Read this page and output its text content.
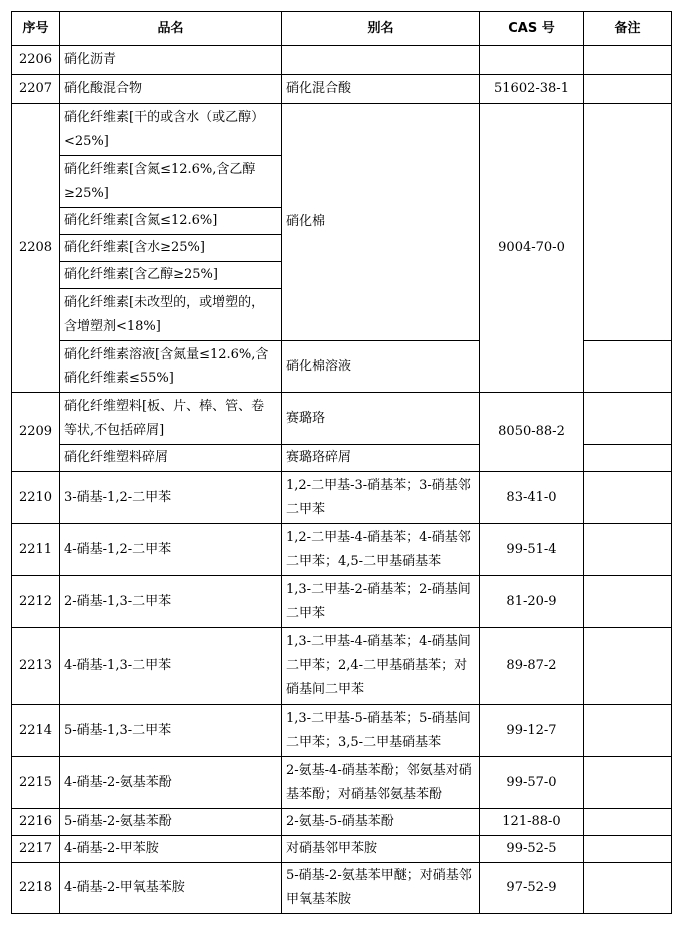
序号	品名	别名	CAS 号	备注
2206	硝化沥青			
2207	硝化酸混合物	硝化混合酸	51602-38-1	
2208	硝化纤维素[干的或含水（或乙醇）<25%]	硝化棉	9004-70-0	
	硝化纤维素[含氮≤12.6%,含乙醇≥25%]			
	硝化纤维素[含氮≤12.6%]			
	硝化纤维素[含水≥25%]			
	硝化纤维素[含乙醇≥25%]			
	硝化纤维素[未改型的，或增塑的，含增塑剂<18%]			
	硝化纤维素溶液[含氮量≤12.6%,含硝化纤维素≤55%]	硝化棉溶液		
2209	硝化纤维塑料[板、片、棒、管、卷等状,不包括碎屑]	赛璐珞	8050-88-2	
	硝化纤维塑料碎屑	赛璐珞碎屑		
2210	3-硝基-1,2-二甲苯	1,2-二甲基-3-硝基苯；3-硝基邻二甲苯	83-41-0	
2211	4-硝基-1,2-二甲苯	1,2-二甲基-4-硝基苯；4-硝基邻二甲苯；4,5-二甲基硝基苯	99-51-4	
2212	2-硝基-1,3-二甲苯	1,3-二甲基-2-硝基苯；2-硝基间二甲苯	81-20-9	
2213	4-硝基-1,3-二甲苯	1,3-二甲基-4-硝基苯；4-硝基间二甲苯；2,4-二甲基硝基苯；对硝基间二甲苯	89-87-2	
2214	5-硝基-1,3-二甲苯	1,3-二甲基-5-硝基苯；5-硝基间二甲苯；3,5-二甲基硝基苯	99-12-7	
2215	4-硝基-2-氨基苯酚	2-氨基-4-硝基苯酚；邻氨基对硝基苯酚；对硝基邻氨基苯酚	99-57-0	
2216	5-硝基-2-氨基苯酚	2-氨基-5-硝基苯酚	121-88-0	
2217	4-硝基-2-甲苯胺	对硝基邻甲苯胺	99-52-5	
2218	4-硝基-2-甲氧基苯胺	5-硝基-2-氨基苯甲醚；对硝基邻甲氧基苯胺	97-52-9	
